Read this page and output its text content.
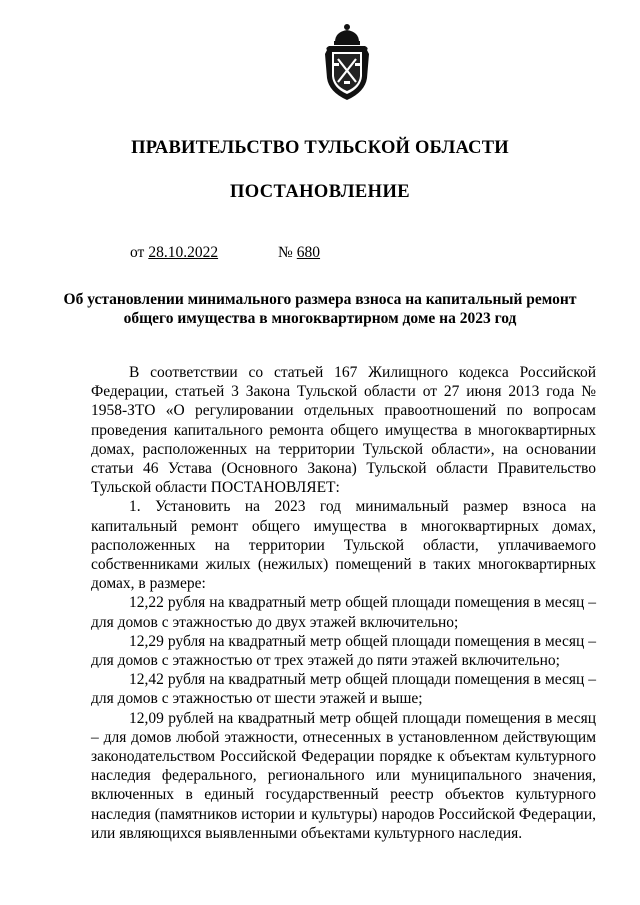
ПРАВИТЕЛЬСТВО ТУЛЬСКОЙ ОБЛАСТИ
ПОСТАНОВЛЕНИЕ
от 28.10.2022	№ 680
Об установлении минимального размера взноса на капитальный ремонт общего имущества в многоквартирном доме на 2023 год

В соответствии со статьей 167 Жилищного кодекса Российской Федерации, статьей 3 Закона Тульской области от 27 июня 2013 года № 1958-ЗТО «О регулировании отдельных правоотношений по вопросам проведения капитального ремонта общего имущества в многоквартирных домах, расположенных на территории Тульской области», на основании статьи 46 Устава (Основного Закона) Тульской области Правительство Тульской области ПОСТАНОВЛЯЕТ:

1. Установить на 2023 год минимальный размер взноса на капитальный ремонт общего имущества в многоквартирных домах, расположенных на территории Тульской области, уплачиваемого собственниками жилых (нежилых) помещений в таких многоквартирных домах, в размере:

12,22 рубля на квадратный метр общей площади помещения в месяц – для домов с этажностью до двух этажей включительно;

12,29 рубля на квадратный метр общей площади помещения в месяц – для домов с этажностью от трех этажей до пяти этажей включительно;

12,42 рубля на квадратный метр общей площади помещения в месяц – для домов с этажностью от шести этажей и выше;

12,09 рублей на квадратный метр общей площади помещения в месяц – для домов любой этажности, отнесенных в установленном действующим законодательством Российской Федерации порядке к объектам культурного наследия федерального, регионального или муниципального значения, включенных в единый государственный реестр объектов культурного наследия (памятников истории и культуры) народов Российской Федерации, или являющихся выявленными объектами культурного наследия.
